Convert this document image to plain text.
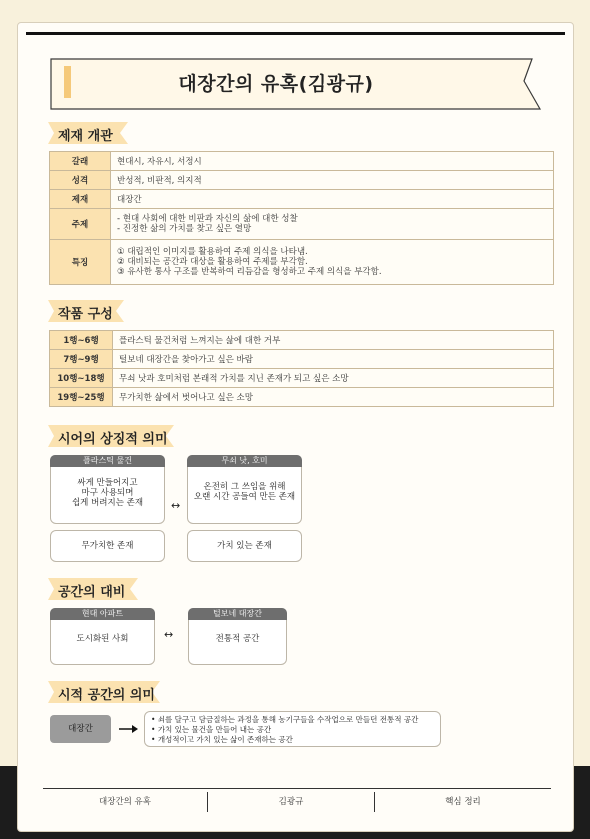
대장간의 유혹(김광규)
제재 개관
갈래	현대시, 자유시, 서정시
성격	반성적, 비판적, 의지적
제재	대장간
주제	- 현대 사회에 대한 비판과 자신의 삶에 대한 성찰
- 진정한 삶의 가치를 찾고 싶은 열망

특징	① 대립적인 이미지를 활용하여 주제 의식을 나타냄.
② 대비되는 공간과 대상을 활용하여 주제를 부각함.
③ 유사한 통사 구조를 반복하여 리듬감을 형성하고 주제 의식을 부각함.
작품 구성
1행~6행	플라스틱 물건처럼 느껴지는 삶에 대한 거부
7행~9행	털보네 대장간을 찾아가고 싶은 바람
10행~18행	무쇠 낫과 호미처럼 본래적 가치를 지닌 존재가 되고 싶은 소망
19행~25행	무가치한 삶에서 벗어나고 싶은 소망
시어의 상징적 의미
플라스틱 물건
싸게 만들어지고
마구 사용되며
쉽게 버려지는 존재	↔
무쇠 낫, 호미
온전히 그 쓰임을 위해
오랜 시간 공들여 만든 존재
무가치한 존재	가치 있는 존재
공간의 대비
현대 아파트
도시화된 사회	↔
털보네 대장간
전통적 공간
시적 공간의 의미
대장간
• 쇠를 달구고 담금질하는 과정을 통해 농기구들을 수작업으로 만들던 전통적 공간
• 가치 있는 물건을 만들어 내는 공간
• 개성적이고 가치 있는 삶이 존재하는 공간
대장간의 유혹	김광규	핵심 정리
